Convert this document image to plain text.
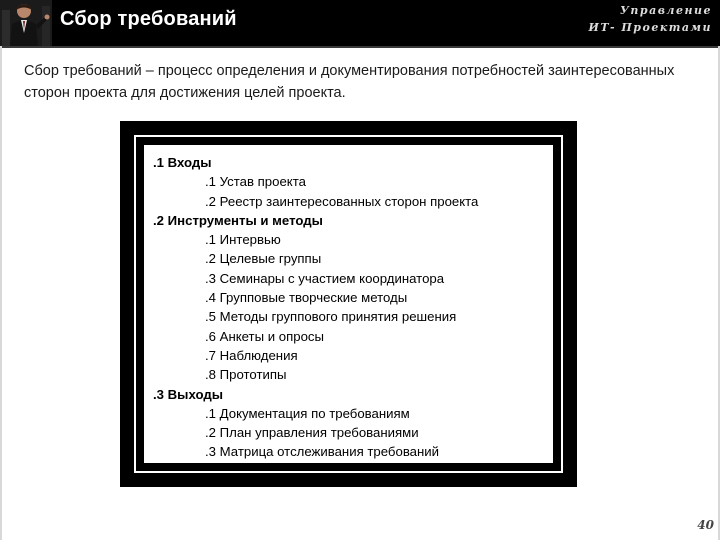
Сбор требований	Управление
ИТ- Проектами
Сбор требований – процесс определения и документирования потребностей заинтересованных сторон проекта для достижения целей проекта.
.1 Входы
.1 Устав проекта
.2 Реестр заинтересованных сторон проекта
.2 Инструменты и методы
.1 Интервью
.2 Целевые группы
.3 Семинары с участием координатора
.4 Групповые творческие методы
.5 Методы группового принятия решения
.6 Анкеты и опросы
.7 Наблюдения
.8 Прототипы
.3 Выходы
.1 Документация по требованиям
.2 План управления требованиями
.3 Матрица отслеживания требований
40
